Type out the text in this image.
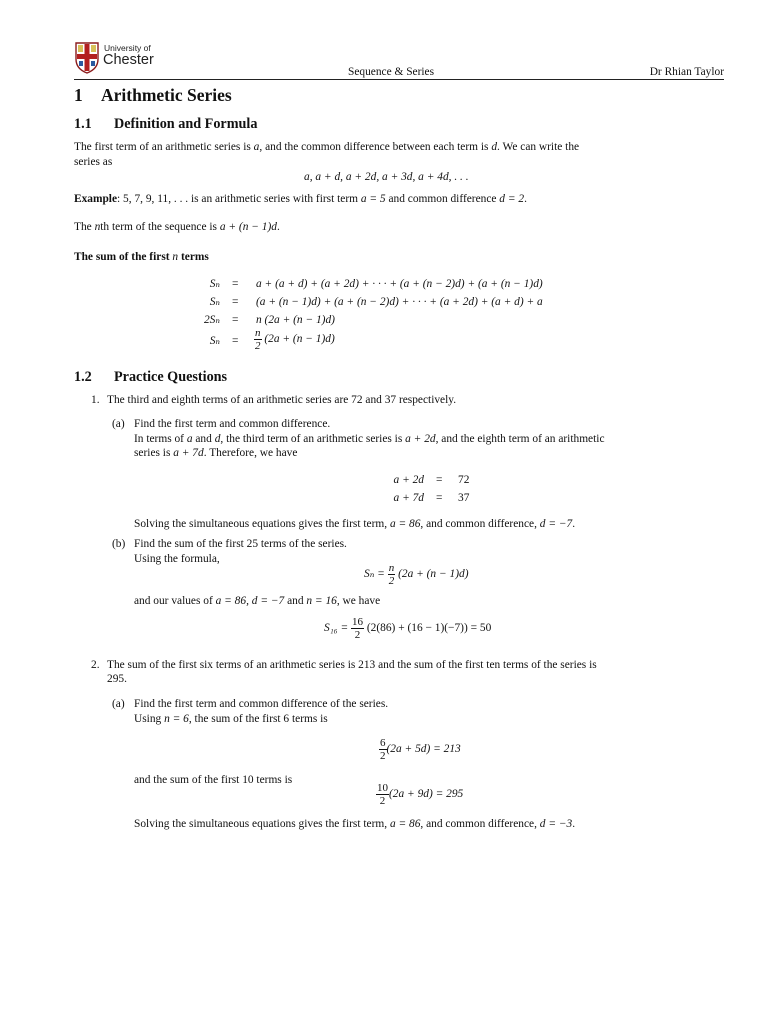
University of
Chester
Sequence & Series	Dr Rhian Taylor
1 Arithmetic Series
1.1 Definition and Formula
The first term of an arithmetic series is a, and the common difference between each term is d. We can write the
series as
a, a + d, a + 2d, a + 3d, a + 4d, . . .
Example: 5, 7, 9, 11, . . . is an arithmetic series with first term a = 5 and common difference d = 2.
The nth term of the sequence is a + (n − 1)d.
The sum of the first n terms
Sₙ = a + (a + d) + (a + 2d) + · · · + (a + (n − 2)d) + (a + (n − 1)d)
Sₙ = (a + (n − 1)d) + (a + (n − 2)d) + · · · + (a + 2d) + (a + d) + a
2Sₙ = n (2a + (n − 1)d)
$S_n = \frac{n}{2} (2a + (n - 1)d)$
1.2 Practice Questions
1. The third and eighth terms of an arithmetic series are 72 and 37 respectively.
(a) Find the first term and common difference.
In terms of a and d, the third term of an arithmetic series is a + 2d, and the eighth term of an arithmetic
series is a + 7d. Therefore, we have
a + 2d = 72
a + 7d = 37
Solving the simultaneous equations gives the first term, a = 86, and common difference, d = −7.
(b) Find the sum of the first 25 terms of the series.
Using the formula,
$S_n = \frac{n}{2} (2a + (n - 1)d)$
and our values of a = 86, d = −7 and n = 16, we have
$S_{16} = \frac{16}{2} (2(86) + (16 - 1)(-7)) = 50$
2. The sum of the first six terms of an arithmetic series is 213 and the sum of the first ten terms of the series is
295.
(a) Find the first term and common difference of the series.
Using n = 6, the sum of the first 6 terms is
$\frac{6}{2} (2a + 5d) = 213$
and the sum of the first 10 terms is
$\frac{10}{2} (2a + 9d) = 295$
Solving the simultaneous equations gives the first term, a = 86, and common difference, d = −3.
